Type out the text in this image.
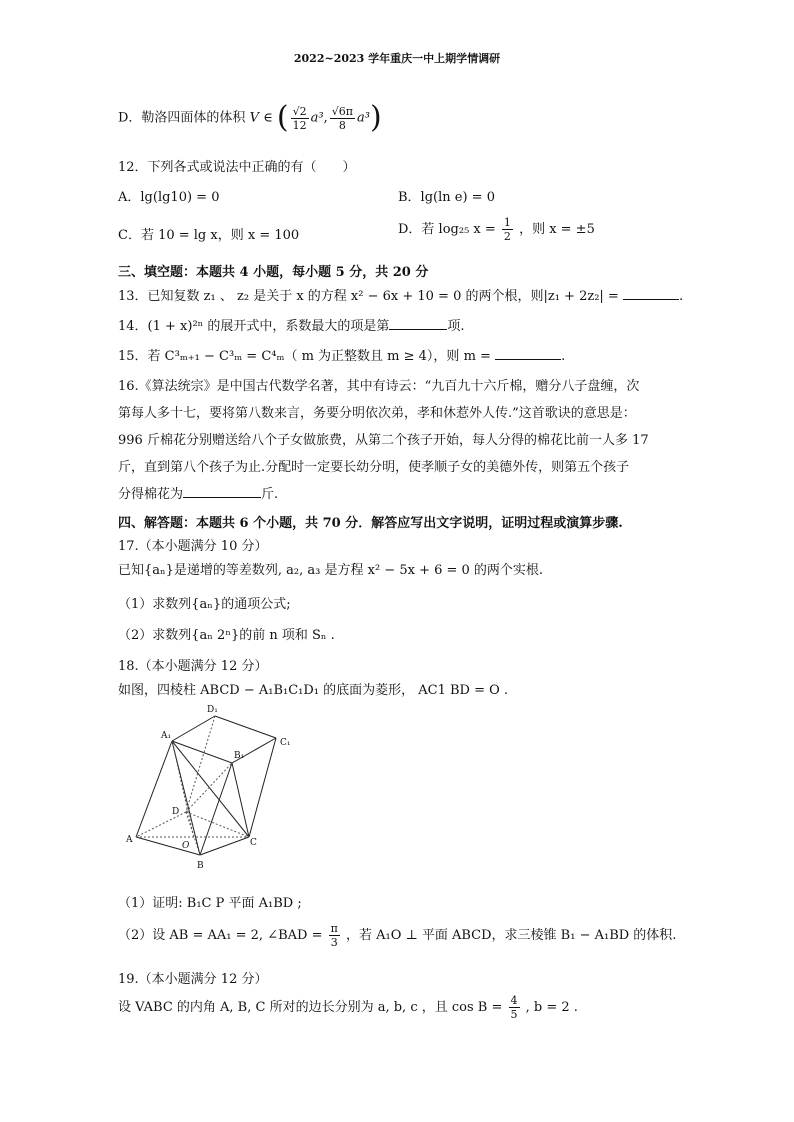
2022~2023 学年重庆一中上期学情调研
D．勒洛四面体的体积 V ∈ ( $\frac{√2}{12} a^3$, $\frac{√6\pi}{8} a^3$)
12．下列各式或说法中正确的有（　　）
A．lg(lg10) = 0	B．lg(ln e) = 0
C．若 10 = lg x，则 x = 100	D．若 log₂₅ $x = \frac{1}{2}$ ，则 x = ±5
三、填空题：本题共 4 小题，每小题 5 分，共 20 分
13．已知复数 z₁ 、 z₂ 是关于 x 的方程 x² − 6x + 10 = 0 的两个根，则|z₁ + 2z₂| =	.
14．(1 + x)²ⁿ 的展开式中，系数最大的项是第	项.
15．若 C³ₘ₊₁ − C³ₘ = C⁴ₘ（ m 为正整数且 m ≥ 4），则 m =	.
16.《算法统宗》是中国古代数学名著，其中有诗云：“九百九十六斤棉，赠分八子盘缠，次
第每人多十七，要将第八数来言，务要分明依次弟，孝和休惹外人传.”这首歌诀的意思是：
996 斤棉花分别赠送给八个子女做旅费，从第二个孩子开始，每人分得的棉花比前一人多 17
斤，直到第八个孩子为止.分配时一定要长幼分明，使孝顺子女的美德外传，则第五个孩子
分得棉花为	斤.
四、解答题：本题共 6 个小题，共 70 分．解答应写出文字说明，证明过程或演算步骤.
17.（本小题满分 10 分）
已知{aₙ}是递增的等差数列, a₂, a₃ 是方程 x² − 5x + 6 = 0 的两个实根.
（1）求数列{aₙ}的通项公式;
（2）求数列{aₙ 2ⁿ}的前 n 项和 Sₙ .
18.（本小题满分 12 分）
如图，四棱柱 ABCD − A₁B₁C₁D₁ 的底面为菱形， AC1 BD = O .
D₁
A₁
B₁
C₁
D
A
O	C
B
（1）证明: B₁C P 平面 A₁BD ;
（2）设 AB = AA₁ = 2, ∠BAD = $\frac{\pi}{3}$ ，若 A₁O ⊥ 平面 ABCD，求三棱锥 B₁ − A₁BD 的体积.
19.（本小题满分 12 分）
设 VABC 的内角 A, B, C 所对的边长分别为 a, b, c ，且 $\cos B = \frac{4}{5}$ , b = 2 .
